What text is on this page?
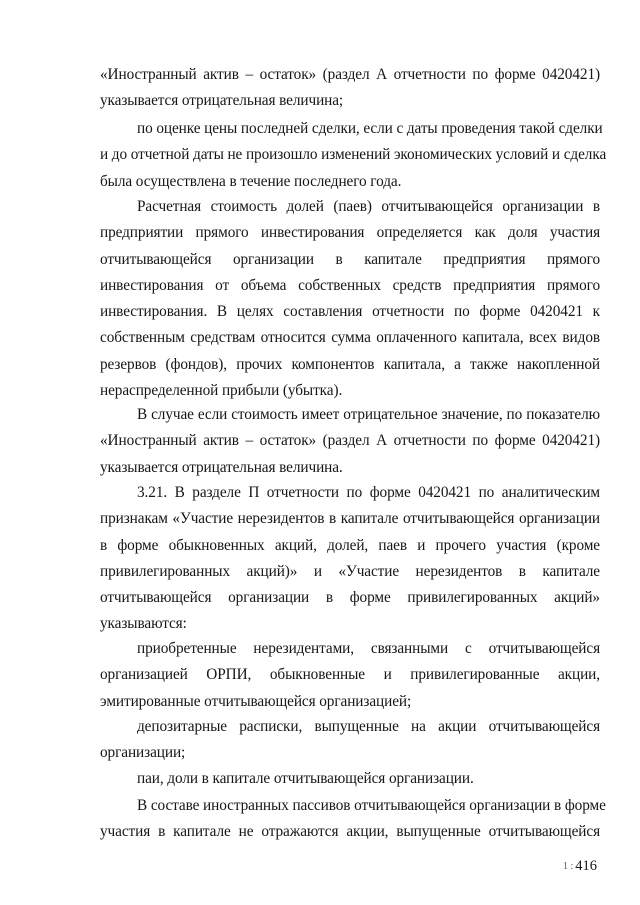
«Иностранный актив – остаток» (раздел А отчетности по форме 0420421)
указывается отрицательная величина;
по оценке цены последней сделки, если с даты проведения такой сделки
и до отчетной даты не произошло изменений экономических условий и сделка
была осуществлена в течение последнего года.
Расчетная стоимость долей (паев) отчитывающейся организации в
предприятии прямого инвестирования определяется как доля участия
отчитывающейся организации в капитале предприятия прямого
инвестирования от объема собственных средств предприятия прямого
инвестирования. В целях составления отчетности по форме 0420421 к
собственным средствам относится сумма оплаченного капитала, всех видов
резервов (фондов), прочих компонентов капитала, а также накопленной
нераспределенной прибыли (убытка).
В случае если стоимость имеет отрицательное значение, по показателю
«Иностранный актив – остаток» (раздел А отчетности по форме 0420421)
указывается отрицательная величина.
3.21. В разделе П отчетности по форме 0420421 по аналитическим
признакам «Участие нерезидентов в капитале отчитывающейся организации
в форме обыкновенных акций, долей, паев и прочего участия (кроме
привилегированных акций)» и «Участие нерезидентов в капитале
отчитывающейся организации в форме привилегированных акций»
указываются:
приобретенные нерезидентами, связанными с отчитывающейся
организацией ОРПИ, обыкновенные и привилегированные акции,
эмитированные отчитывающейся организацией;
депозитарные расписки, выпущенные на акции отчитывающейся
организации;
паи, доли в капитале отчитывающейся организации.
В составе иностранных пассивов отчитывающейся организации в форме
участия в капитале не отражаются акции, выпущенные отчитывающейся
1 : 416
